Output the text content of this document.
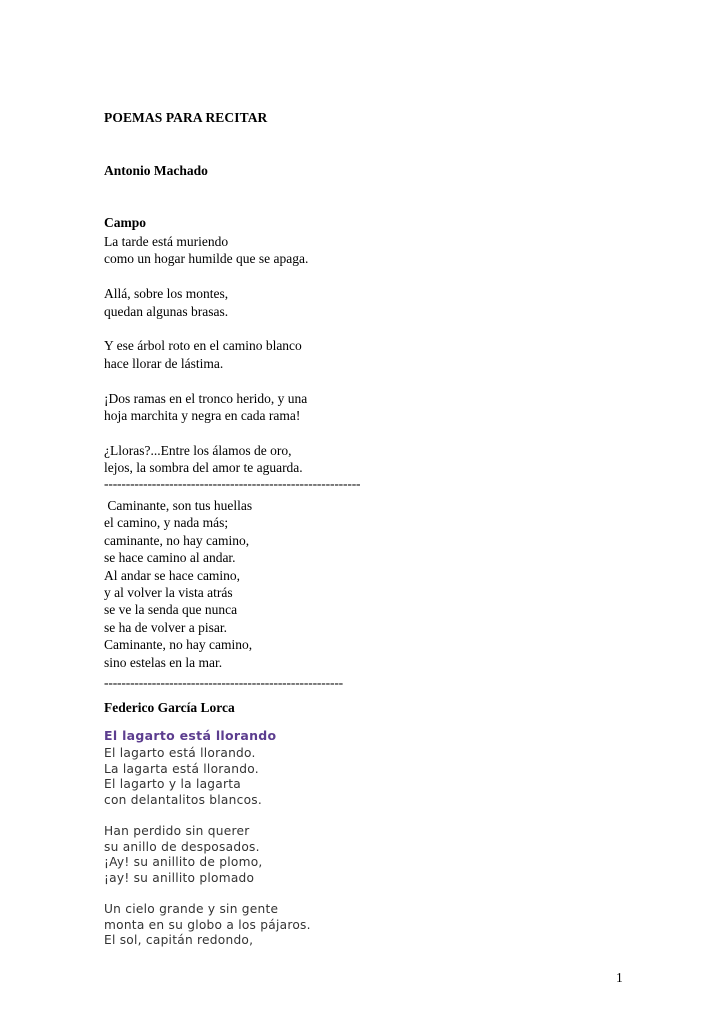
POEMAS PARA RECITAR
Antonio Machado
Campo
La tarde está muriendo
como un hogar humilde que se apaga.
Allá, sobre los montes,
quedan algunas brasas.
Y ese árbol roto en el camino blanco
hace llorar de lástima.
¡Dos ramas en el tronco herido, y una
hoja marchita y negra en cada rama!
¿Lloras?...Entre los álamos de oro,
lejos, la sombra del amor te aguarda.
-----------------------------------------------------------
Caminante, son tus huellas
el camino, y nada más;
caminante, no hay camino,
se hace camino al andar.
Al andar se hace camino,
y al volver la vista atrás
se ve la senda que nunca
se ha de volver a pisar.
Caminante, no hay camino,
sino estelas en la mar.
-------------------------------------------------------
Federico García Lorca
El lagarto está llorando
El lagarto está llorando.
La lagarta está llorando.
El lagarto y la lagarta
con delantalitos blancos.
Han perdido sin querer
su anillo de desposados.
¡Ay! su anillito de plomo,
¡ay! su anillito plomado
Un cielo grande y sin gente
monta en su globo a los pájaros.
El sol, capitán redondo,
1
